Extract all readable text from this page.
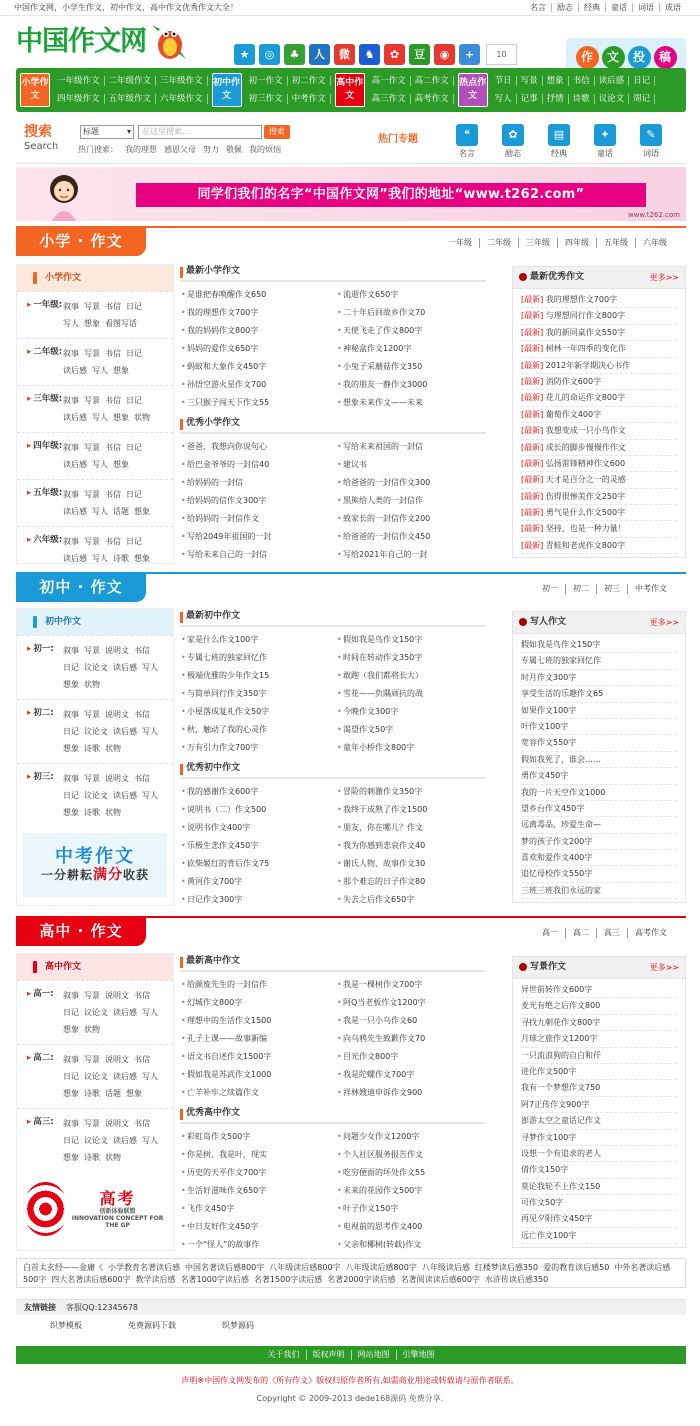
中国作文网，小学生作文，初中作文，高中作文优秀作文大全！	名言	励志	经典	童话	词语	成语
中国作文网	★	◎	♣	人	微	♞	✿	豆	◉	+	10	作	文	投	稿
小学作文
一年级作文	二年级作文	三年级作文
四年级作文	五年级作文	六年级作文
初中作文
初一作文	初二作文
初三作文	中考作文
高中作文
高一作文	高二作文
高三作文	高考作文
热点作文
节日	写景	想象	书信	读后感	日记
写人	记事	抒情	诗歌	议论文	周记
搜索
Search
标题	▾	在这里搜索...	搜索
热门搜索： 我的理想 感恩父母 努力 敬佩 我的烦恼
热门专题	❝
名言
✿
励志
▤
经典
✦
童话
✎
词语
同学们我们的名字“中国作文网”我们的地址“www.t262.com”
www.t262.com
小学 · 作文	一年级	二年级	三年级	四年级	五年级	六年级
小学作文
▸ 一年级: 叙事 写景 书信 日记
写人 想象 看图写话
▸ 二年级: 叙事 写景 书信 日记
读后感 写人 想象
▸ 三年级: 叙事 写景 书信 日记
读后感 写人 想象 状物
▸ 四年级: 叙事 写景 书信 日记
读后感 写人 想象
▸ 五年级: 叙事 写景 书信 日记
读后感 写人 话题 想象
▸ 六年级: 叙事 写景 书信 日记
读后感 写人 诗歌 想象
最新小学作文
• 是谁把春唤醒作文650	• 流逝作文650字
• 我的理想作文700字	• 二十年后回故乡作文70
• 我的妈妈作文800字	• 天使飞走了作文800字
• 妈妈的爱作文650字	• 神秘盒作文1200字
• 蚂蚁和大象作文450字	• 小兔子采蘑菇作文350
• 孙悟空游火星作文700	• 我的朋友一静作文3000
• 三只猴子闯天下作文55	• 想象未来作文——未来
优秀小学作文
• 爸爸，我想向你说句心	• 写给未来祖国的一封信
• 给巴金爷爷的一封信40	• 建议书
• 给妈妈的一封信	• 给爸爸的一封信作文300
• 给妈妈的信作文300字	• 黑熊给人类的一封信作
• 给妈妈的一封信作文	• 致家长的一封信作文200
• 写给2049年祖国的一封	• 给爸爸的一封信作文450
• 写给未来自己的一封信	• 写给2021年自己的一封
最新优秀作文	更多>>
[最新] 我的理想作文700字
[最新] 与理想同行作文800字
[最新] 我的新同桌作文550字
[最新] 树林一年四季的变化作
[最新] 2012年新学期决心书作
[最新] 消防作文600字
[最新] 花儿的命运作文800字
[最新] 葡萄作文400字
[最新] 我想变成一只小鸟作文
[最新] 成长的脚步慢慢作作文
[最新] 弘扬雷锋精神作文600
[最新] 天才是百分之一的灵感
[最新] 伤得很惨美作文250字
[最新] 勇气是什么作文500字
[最新] 坚持，也是一种力量！
[最新] 青蛙和老虎作文800字
初中 · 作文	初一	初二	初三	中考作文
初中作文
▸ 初一:	叙事 写景 说明文 书信
日记 议论文 读后感 写人
想象 状物
▸ 初二:	叙事 写景 说明文 书信
日记 议论文 读后感 写人
想象 诗歌 状物
▸ 初三:	叙事 写景 说明文 书信
日记 议论文 读后感 写人
想象 诗歌 状物
中考作文
一分耕耘满分收获
最新初中作文
• 家是什么作文100字	• 假如我是鸟作文150字
• 专属七班的独家回忆作	• 时间在转动作文350字
• 极端优雅的少年作文15	• 敢跑（我们都将长大）
• 与简单同行作文350字	• 雪花——负隅顽抗的战
• 小屋落成复礼作文50字	• 今晚作文300字
• 秋，触动了我的心灵作	• 渴望作文50字
• 万有引力作文700字	• 童年小桥作文800字
优秀初中作文
• 我的感谢作文600字	• 冒险的刺激作文350字
• 说明书（二）作文500	• 我终于成熟了作文1500
• 说明书作文400字	• 朋友，你在哪儿？作文
• 乐极生悲作文450字	• 我为你感到悲哀作文40
• 砍柴姬红的背后作文75	• 谢氏人物、故事作文30
• 黄河作文700字	• 那个难忘的日子作文80
• 日记作文300字	• 失去之后作文650字
写人作文	更多>>
假如我是鸟作文150字
专属七班的独家回忆作
时月作文300字
享受生活的乐趣作文65
如果作文100字
叶作文100字
宽容作文550字
假如我死了，谁会……
勇作文450字
我的一片天空作文1000
望乡台作文450字
远离毒品，珍爱生命—
梦的孩子作文200字
喜欢和爱作文400字
追忆母校作文550字
三班三班我们永远的家
高中 · 作文	高一	高二	高三	高考作文
高中作文
▸ 高一:	叙事 写景 说明文 书信
日记 议论文 读后感 写人
想象 状物
▸ 高二:	叙事 写景 说明文 书信
日记 议论文 读后感 写人
想象 诗歌 话题 想象
▸ 高三:	叙事 写景 说明文 书信
日记 议论文 读后感 写人
想象 诗歌 状物
高考
创新体验联盟
INNOVATION CONCEPT FOR THE GP
最新高中作文
• 给颜废先生的一封信作	• 我是一棵树作文700字
• 幻城作文800字	• 阿Q当老板作文1200字
• 理想中的生活作文1500	• 我是一只小乌作文60
• 孔子上课——故事新编	• 向乌鸦先生致歉作文70
• 语文书自述作文1500字	• 目光作文800字
• 假如我是苏武作文1000	• 我是陀螺作文700字
• 亡羊补牢之续篇作文	• 祥林嫂迪申诉作文900
优秀高中作文
• 彩虹岛作文500字	• 问题少女作文1200字
• 你是树，我是叶，现实	• 个人社区服务报告作文
• 历史的天平作文700字	• 吃穷便面的坏处作文55
• 生活好滋味作文650字	• 未来的花园作文500字
• 飞作文450字	• 叶子作文150字
• 中日友好作文450字	• 电视前的思考作文400
• 一个“怪人”的故事作	• 父亲和椰树(转载)作文
写景作文	更多>>
异世前转作文600字
麦光有绝之后作文800
寻找九朝花作文800字
月球之旅作文1200字
一只流浪狗的自白和仟
进化作文500字
我有一个梦想作文750
阿7正传作文900字
澎游太空之童话记作文
寻梦作文100字
设想一个有追求的老人
倩作文150字
莫论我轮不上作文150
可作文50字
再见夕阳作文450字
远亡作文100字
白首太玄经——金庸《 小学教育名著读后感 中国名著读后感800字 八年级读后感800字 八年级读后感800字 八年级读后感 红楼梦读后感350 爱的教育读后感50 中外名著读后感500字 四大名著读后感600字 教学读后感 名著1000字读后感 名著1500字读后感 名著2000字读后感 名著阅读读后感600字 水浒传读后感350
友情链接 客服QQ:12345678
织梦模板	免费源码下载	织梦源码
关于我们	版权声明	网站地图	引擎地图
声明※中国作文网发布的《所有作文》版权归原作者所有,如需商业用途或转载请与原作者联系。
Copyright © 2009-2013 dede168源码 免费分享.
